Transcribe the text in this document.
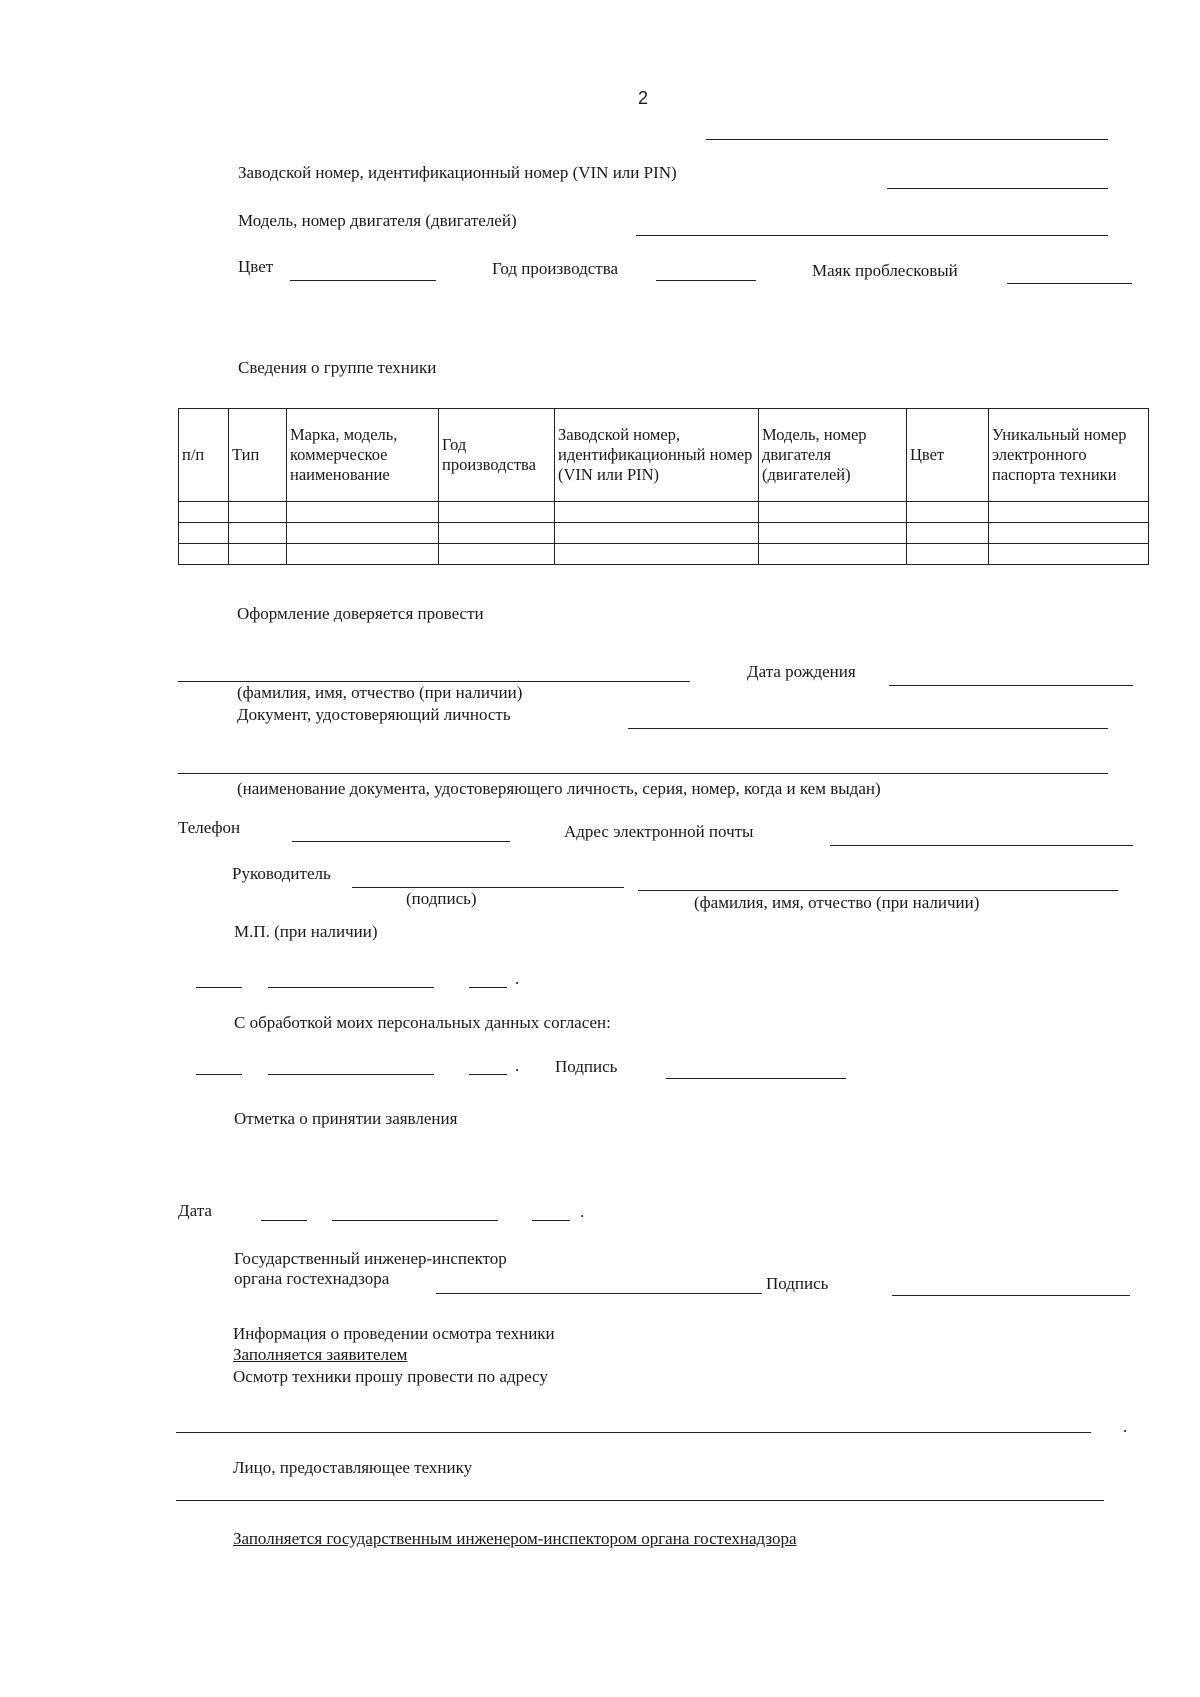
2
Заводской номер, идентификационный номер (VIN или PIN)
Модель, номер двигателя (двигателей)
Цвет	Год производства	Маяк проблесковый
Сведения о группе техники
п/п	Тип	Марка, модель, коммерческое наименование	Год производства	Заводской номер, идентификационный номер (VIN или PIN)	Модель, номер двигателя (двигателей)	Цвет	Уникальный номер электронного паспорта техники

Оформление доверяется провести
Дата рождения
(фамилия, имя, отчество (при наличии)
Документ, удостоверяющий личность
(наименование документа, удостоверяющего личность, серия, номер, когда и кем выдан)
Телефон	Адрес электронной почты
Руководитель
(подпись)	(фамилия, имя, отчество (при наличии)
М.П. (при наличии)
.
С обработкой моих персональных данных согласен:
. Подпись
Отметка о принятии заявления
Дата	.
Государственный инженер-инспектор
органа гостехнадзора	Подпись
Информация о проведении осмотра техники
Заполняется заявителем
Осмотр техники прошу провести по адресу
.
Лицо, предоставляющее технику
Заполняется государственным инженером-инспектором органа гостехнадзора
